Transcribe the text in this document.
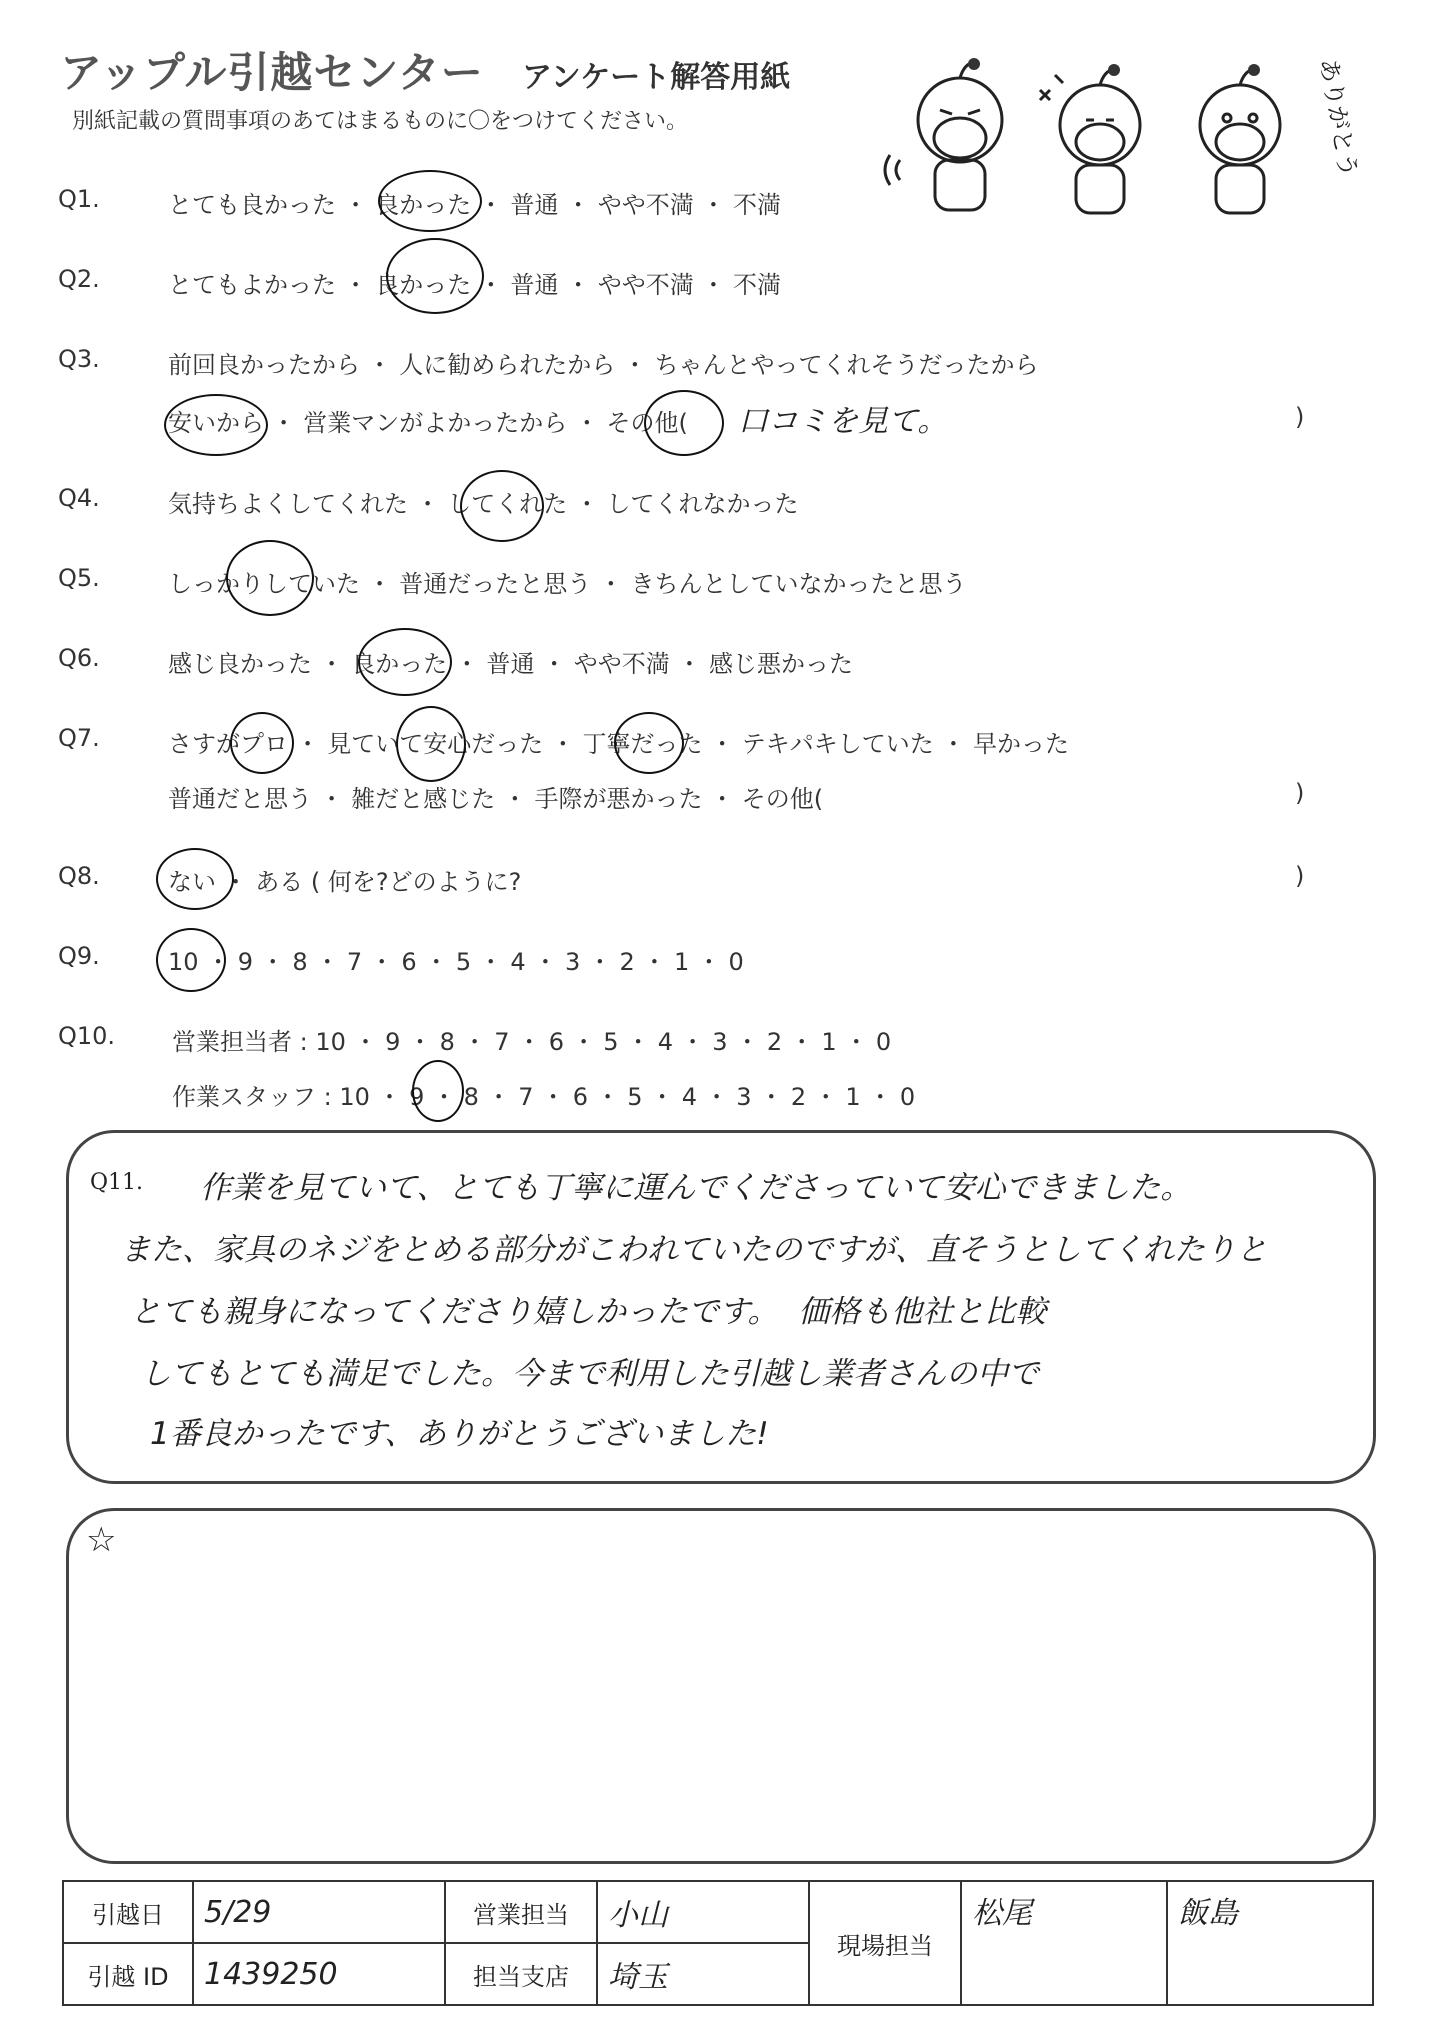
アップル引越センター アンケート解答用紙
別紙記載の質問事項のあてはまるものに〇をつけてください。	ありがとう
Q1.	とても良かった ・ 良かった ・ 普通 ・ やや不満 ・ 不満
Q2.	とてもよかった ・ 良かった ・ 普通 ・ やや不満 ・ 不満
Q3.	前回良かったから ・ 人に勧められたから ・ ちゃんとやってくれそうだったから
安いから ・ 営業マンがよかったから ・ その他( 口コミを見て。	)
Q4.	気持ちよくしてくれた ・ してくれた ・ してくれなかった
Q5.	しっかりしていた ・ 普通だったと思う ・ きちんとしていなかったと思う
Q6.	感じ良かった ・ 良かった ・ 普通 ・ やや不満 ・ 感じ悪かった
Q7.	さすがプロ ・ 見ていて安心だった ・ 丁寧だった ・ テキパキしていた ・ 早かった
普通だと思う ・ 雑だと感じた ・ 手際が悪かった ・ その他(	)
Q8.	ない ・ ある ( 何を?どのように?	)
Q9.	10 ・ 9 ・ 8 ・ 7 ・ 6 ・ 5 ・ 4 ・ 3 ・ 2 ・ 1 ・ 0
Q10. 営業担当者 : 10 ・ 9 ・ 8 ・ 7 ・ 6 ・ 5 ・ 4 ・ 3 ・ 2 ・ 1 ・ 0
作業スタッフ : 10 ・ 9 ・ 8 ・ 7 ・ 6 ・ 5 ・ 4 ・ 3 ・ 2 ・ 1 ・ 0
Q11. 作業を見ていて、とても丁寧に運んでくださっていて安心できました。
また、家具のネジをとめる部分がこわれていたのですが、直そうとしてくれたりと
とても親身になってくださり嬉しかったです。  価格も他社と比較
してもとても満足でした。今まで利用した引越し業者さんの中で
1番良かったです、ありがとうございました!
☆
引越日	5/29	営業担当	小山	現場担当	松尾	飯島
引越 ID	1439250	担当支店	埼玉			
